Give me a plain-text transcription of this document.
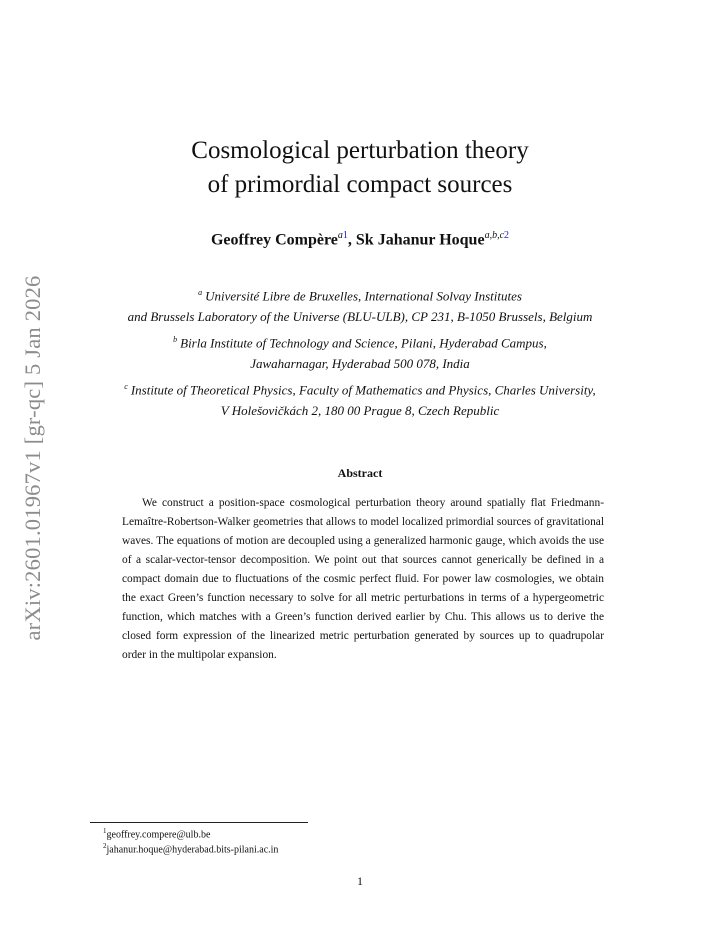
arXiv:2601.01967v1 [gr-qc] 5 Jan 2026
Cosmological perturbation theory
of primordial compact sources
Geoffrey Compère$^{a1}$, Sk Jahanur Hoque$^{a,b,c2}$
$^a$ Université Libre de Bruxelles, International Solvay Institutes
and Brussels Laboratory of the Universe (BLU-ULB), CP 231, B-1050 Brussels, Belgium
$^b$ Birla Institute of Technology and Science, Pilani, Hyderabad Campus,
Jawaharnagar, Hyderabad 500 078, India
$^c$ Institute of Theoretical Physics, Faculty of Mathematics and Physics, Charles University,
V Holešovičkách 2, 180 00 Prague 8, Czech Republic
Abstract
We construct a position-space cosmological perturbation theory around spatially flat Friedmann-Lemaître-Robertson-Walker geometries that allows to model localized primordial sources of gravitational waves. The equations of motion are decoupled using a generalized harmonic gauge, which avoids the use of a scalar-vector-tensor decomposition. We point out that sources cannot generically be defined in a compact domain due to fluctuations of the cosmic perfect fluid. For power law cosmologies, we obtain the exact Green’s function necessary to solve for all metric perturbations in terms of a hypergeometric function, which matches with a Green’s function derived earlier by Chu. This allows us to derive the closed form expression of the linearized metric perturbation generated by sources up to quadrupolar order in the multipolar expansion.
$^1$geoffrey.compere@ulb.be
$^2$jahanur.hoque@hyderabad.bits-pilani.ac.in
1
